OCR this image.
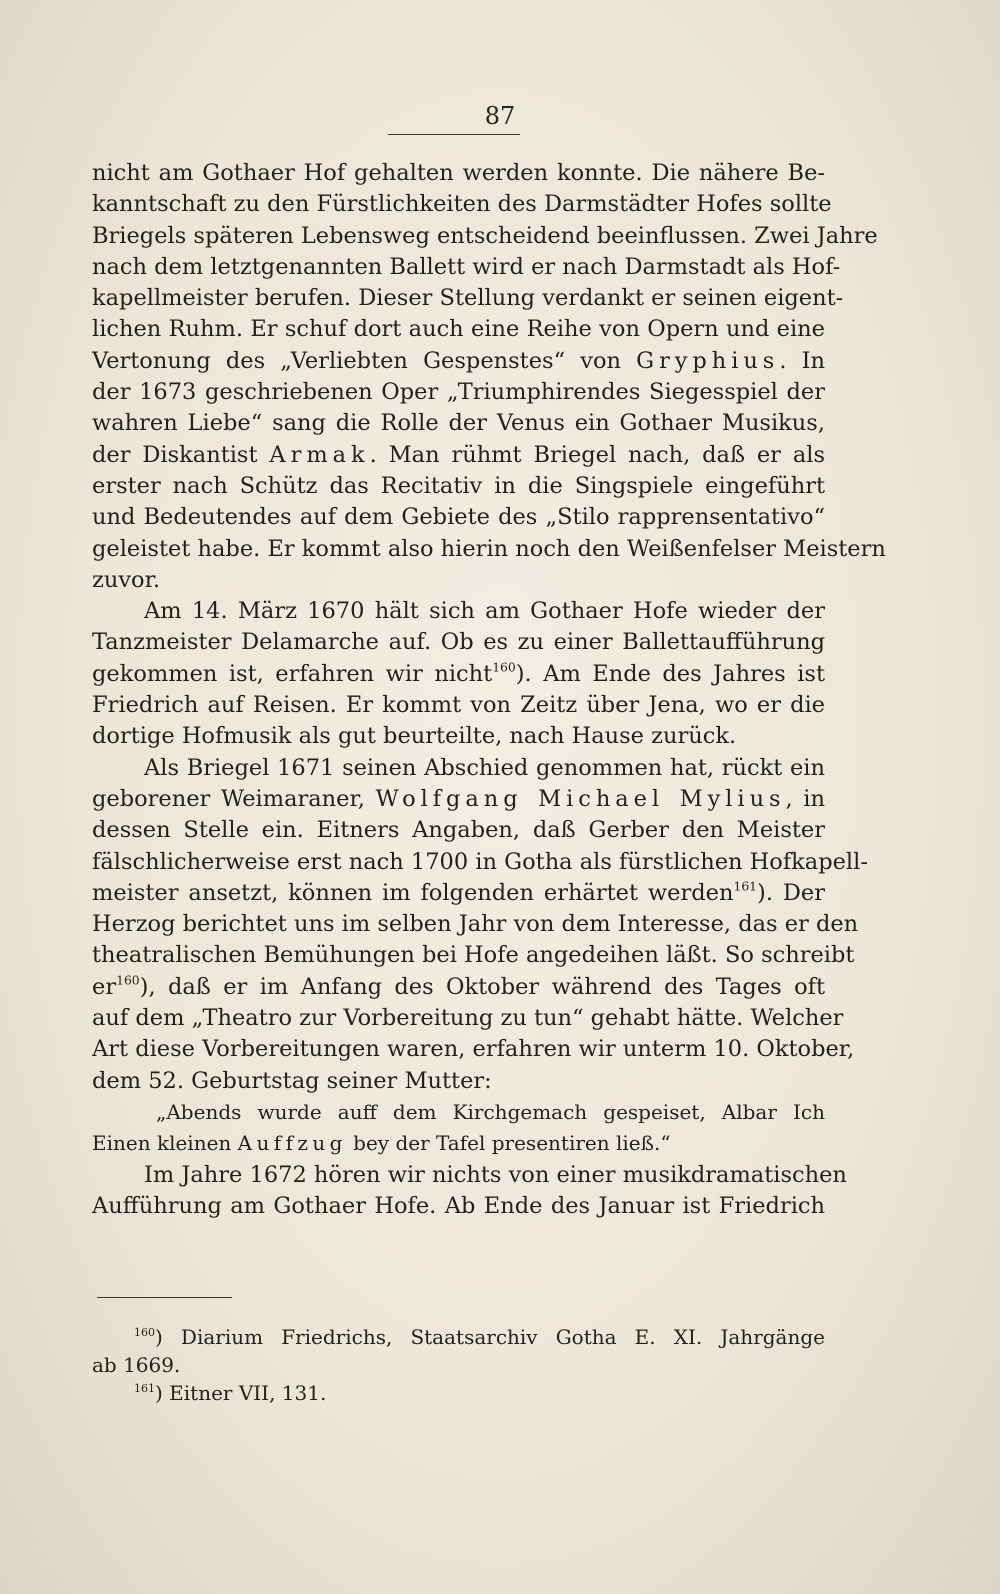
87
nicht am Gothaer Hof gehalten werden konnte. Die nähere Be-
kanntschaft zu den Fürstlichkeiten des Darmstädter Hofes sollte
Briegels späteren Lebensweg entscheidend beeinflussen. Zwei Jahre
nach dem letztgenannten Ballett wird er nach Darmstadt als Hof-
kapellmeister berufen. Dieser Stellung verdankt er seinen eigent-
lichen Ruhm. Er schuf dort auch eine Reihe von Opern und eine
Vertonung des „Verliebten Gespenstes“ von Gryphius. In
der 1673 geschriebenen Oper „Triumphirendes Siegesspiel der
wahren Liebe“ sang die Rolle der Venus ein Gothaer Musikus,
der Diskantist Armak. Man rühmt Briegel nach, daß er als
erster nach Schütz das Recitativ in die Singspiele eingeführt
und Bedeutendes auf dem Gebiete des „Stilo rapprensentativo“
geleistet habe. Er kommt also hierin noch den Weißenfelser Meistern
zuvor.
Am 14. März 1670 hält sich am Gothaer Hofe wieder der
Tanzmeister Delamarche auf. Ob es zu einer Ballettaufführung
gekommen ist, erfahren wir nicht$^{160}$). Am Ende des Jahres ist
Friedrich auf Reisen. Er kommt von Zeitz über Jena, wo er die
dortige Hofmusik als gut beurteilte, nach Hause zurück.
Als Briegel 1671 seinen Abschied genommen hat, rückt ein
geborener Weimaraner, Wolfgang Michael Mylius, in
dessen Stelle ein. Eitners Angaben, daß Gerber den Meister
fälschlicherweise erst nach 1700 in Gotha als fürstlichen Hofkapell-
meister ansetzt, können im folgenden erhärtet werden$^{161}$). Der
Herzog berichtet uns im selben Jahr von dem Interesse, das er den
theatralischen Bemühungen bei Hofe angedeihen läßt. So schreibt
$er^{160}$), daß er im Anfang des Oktober während des Tages oft
auf dem „Theatro zur Vorbereitung zu tun“ gehabt hätte. Welcher
Art diese Vorbereitungen waren, erfahren wir unterm 10. Oktober,
dem 52. Geburtstag seiner Mutter:
„Abends wurde auff dem Kirchgemach gespeiset, Albar Ich
Einen kleinen Auffzug bey der Tafel presentiren ließ.“
Im Jahre 1672 hören wir nichts von einer musikdramatischen
Aufführung am Gothaer Hofe. Ab Ende des Januar ist Friedrich
$^{160}$) Diarium Friedrichs, Staatsarchiv Gotha E. XI. Jahrgänge
ab 1669.
$^{161}$) Eitner VII, 131.
